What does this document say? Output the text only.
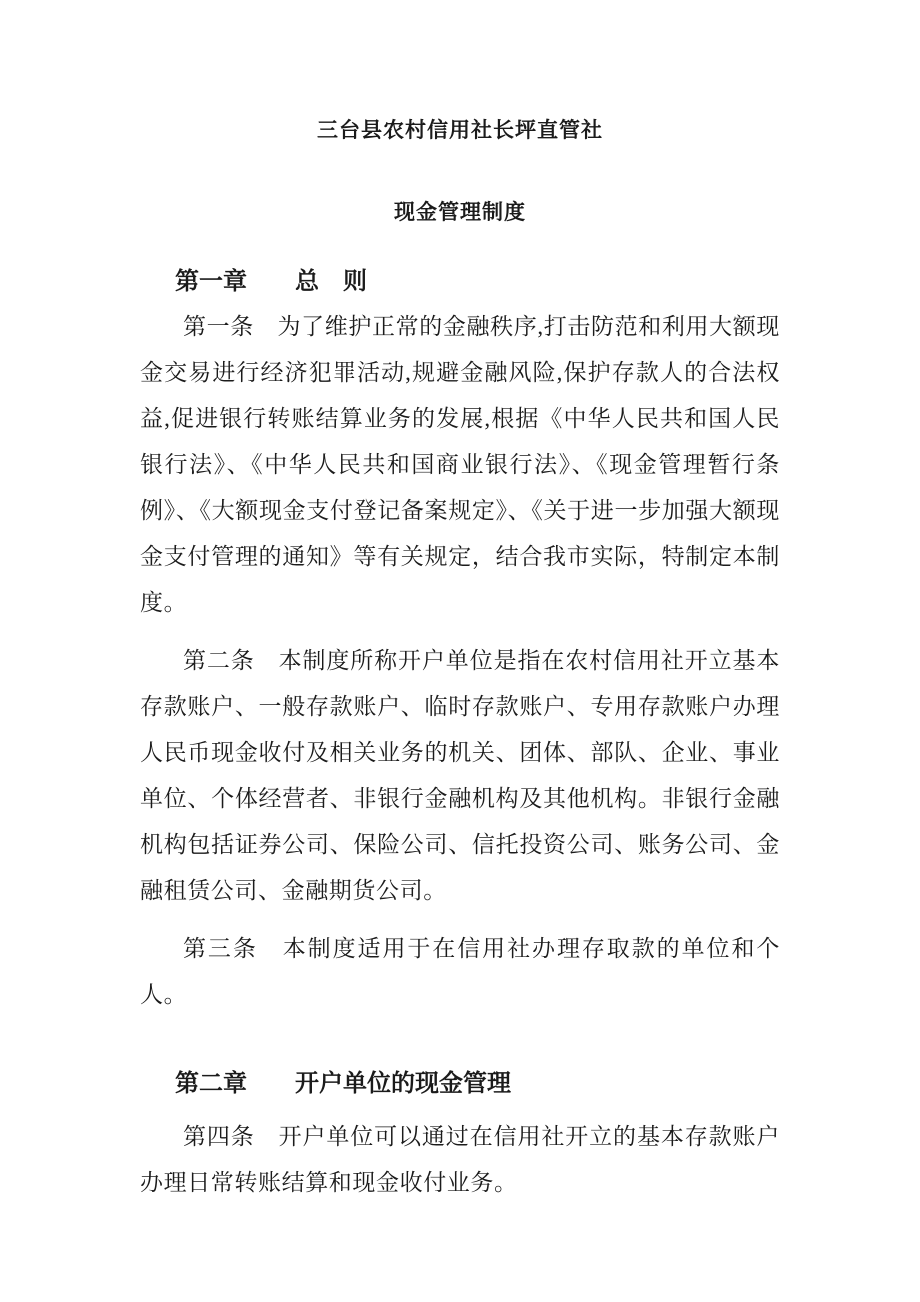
三台县农村信用社长坪直管社
现金管理制度
第一章　　总　则

第一条　为了维护正常的金融秩序,打击防范和利用大额现金交易进行经济犯罪活动,规避金融风险,保护存款人的合法权益,促进银行转账结算业务的发展,根据《中华人民共和国人民银行法》、《中华人民共和国商业银行法》、《现金管理暂行条例》、《大额现金支付登记备案规定》、《关于进一步加强大额现金支付管理的通知》等有关规定，结合我市实际，特制定本制度。

第二条　本制度所称开户单位是指在农村信用社开立基本存款账户、一般存款账户、临时存款账户、专用存款账户办理人民币现金收付及相关业务的机关、团体、部队、企业、事业单位、个体经营者、非银行金融机构及其他机构。非银行金融机构包括证券公司、保险公司、信托投资公司、账务公司、金融租赁公司、金融期货公司。

第三条　本制度适用于在信用社办理存取款的单位和个人。

第二章　　开户单位的现金管理

第四条　开户单位可以通过在信用社开立的基本存款账户办理日常转账结算和现金收付业务。
